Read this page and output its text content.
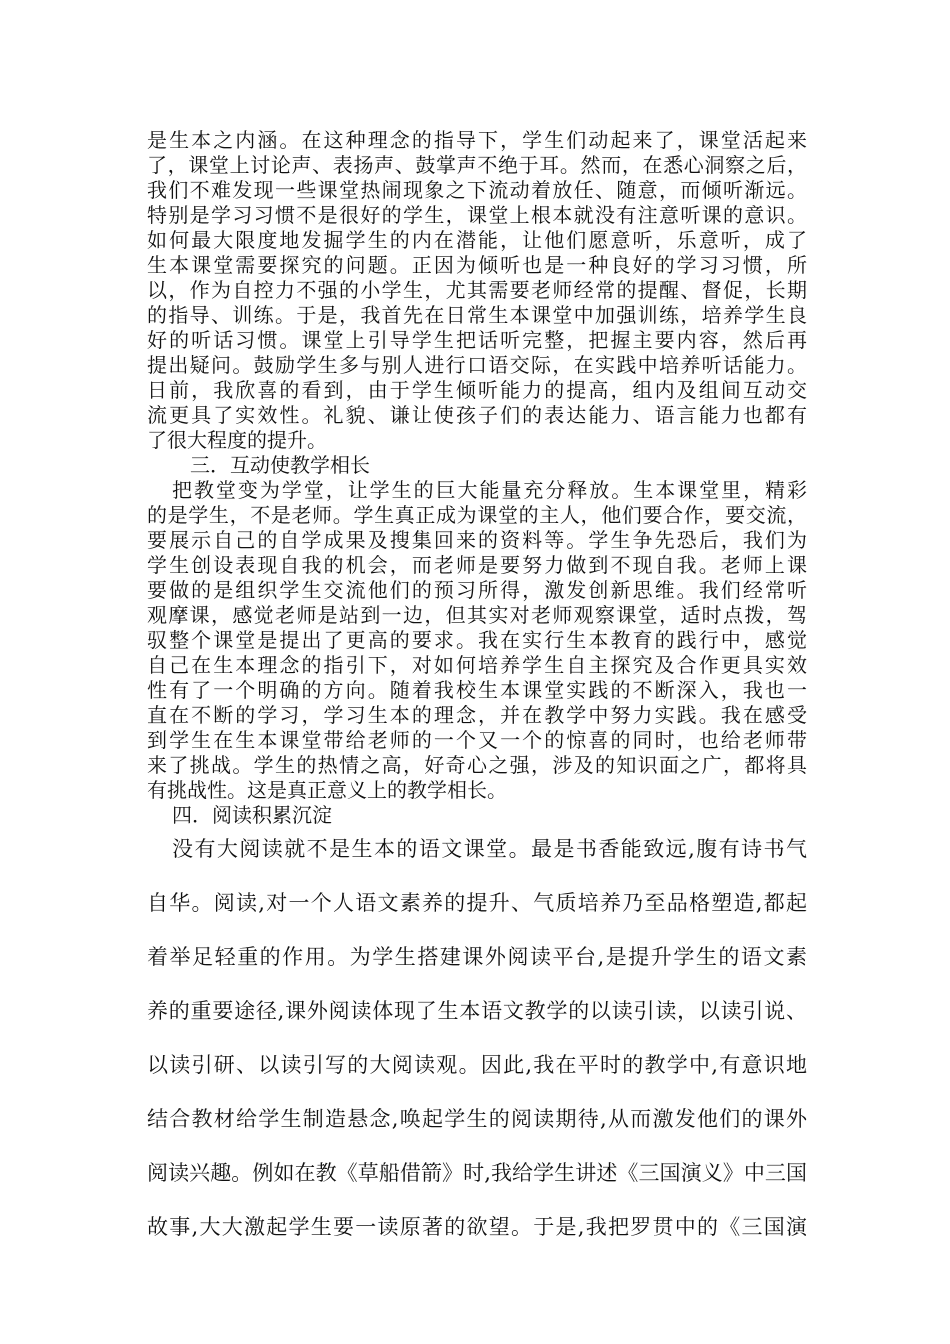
是生本之内涵。在这种理念的指导下，学生们动起来了，课堂活起来
了，课堂上讨论声、表扬声、鼓掌声不绝于耳。然而，在悉心洞察之后，
我们不难发现一些课堂热闹现象之下流动着放任、随意，而倾听渐远。
特别是学习习惯不是很好的学生，课堂上根本就没有注意听课的意识。
如何最大限度地发掘学生的内在潜能，让他们愿意听，乐意听，成了
生本课堂需要探究的问题。正因为倾听也是一种良好的学习习惯，所
以，作为自控力不强的小学生，尤其需要老师经常的提醒、督促，长期
的指导、训练。于是，我首先在日常生本课堂中加强训练，培养学生良
好的听话习惯。课堂上引导学生把话听完整，把握主要内容，然后再
提出疑问。鼓励学生多与别人进行口语交际，在实践中培养听话能力。
日前，我欣喜的看到，由于学生倾听能力的提高，组内及组间互动交
流更具了实效性。礼貌、谦让使孩子们的表达能力、语言能力也都有
了很大程度的提升。
三．互动使教学相长
把教堂变为学堂，让学生的巨大能量充分释放。生本课堂里，精彩
的是学生，不是老师。学生真正成为课堂的主人，他们要合作，要交流，
要展示自己的自学成果及搜集回来的资料等。学生争先恐后，我们为
学生创设表现自我的机会，而老师是要努力做到不现自我。老师上课
要做的是组织学生交流他们的预习所得，激发创新思维。我们经常听
观摩课，感觉老师是站到一边，但其实对老师观察课堂，适时点拨，驾
驭整个课堂是提出了更高的要求。我在实行生本教育的践行中，感觉
自己在生本理念的指引下，对如何培养学生自主探究及合作更具实效
性有了一个明确的方向。随着我校生本课堂实践的不断深入，我也一
直在不断的学习，学习生本的理念，并在教学中努力实践。我在感受
到学生在生本课堂带给老师的一个又一个的惊喜的同时，也给老师带
来了挑战。学生的热情之高，好奇心之强，涉及的知识面之广，都将具
有挑战性。这是真正意义上的教学相长。
四．阅读积累沉淀
没有大阅读就不是生本的语文课堂。最是书香能致远,腹有诗书气
自华。阅读,对一个人语文素养的提升、气质培养乃至品格塑造,都起
着举足轻重的作用。为学生搭建课外阅读平台,是提升学生的语文素
养的重要途径,课外阅读体现了生本语文教学的以读引读，以读引说、
以读引研、以读引写的大阅读观。因此,我在平时的教学中,有意识地
结合教材给学生制造悬念,唤起学生的阅读期待,从而激发他们的课外
阅读兴趣。例如在教《草船借箭》时,我给学生讲述《三国演义》中三国
故事,大大激起学生要一读原著的欲望。于是,我把罗贯中的《三国演
